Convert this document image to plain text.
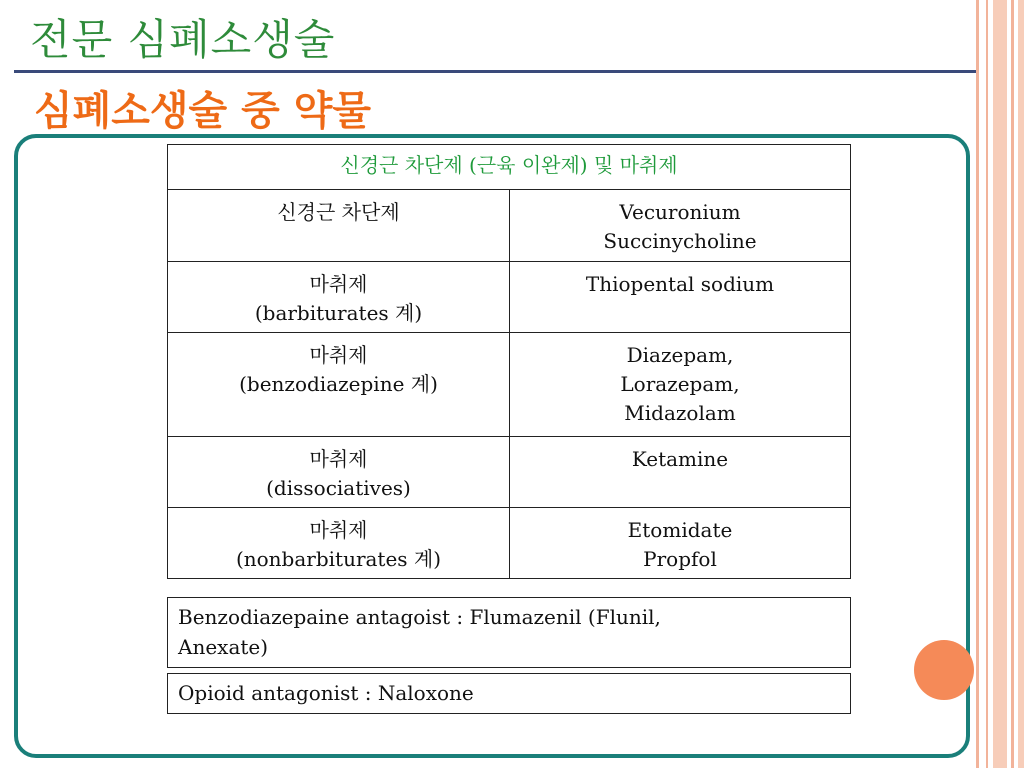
전문 심폐소생술
심폐소생술 중 약물
신경근 차단제 (근육 이완제) 및 마취제	

신경근 차단제	Vecuronium
Succinycholine

마취제
(barbiturates 계)	Thiopental sodium

마취제
(benzodiazepine 계)	Diazepam,
Lorazepam,
Midazolam

마취제
(dissociatives)	Ketamine

마취제
(nonbarbiturates 계)	Etomidate
Propfol
Benzodiazepaine antagoist : Flumazenil (Flunil,
Anexate)
Opioid antagonist : Naloxone
